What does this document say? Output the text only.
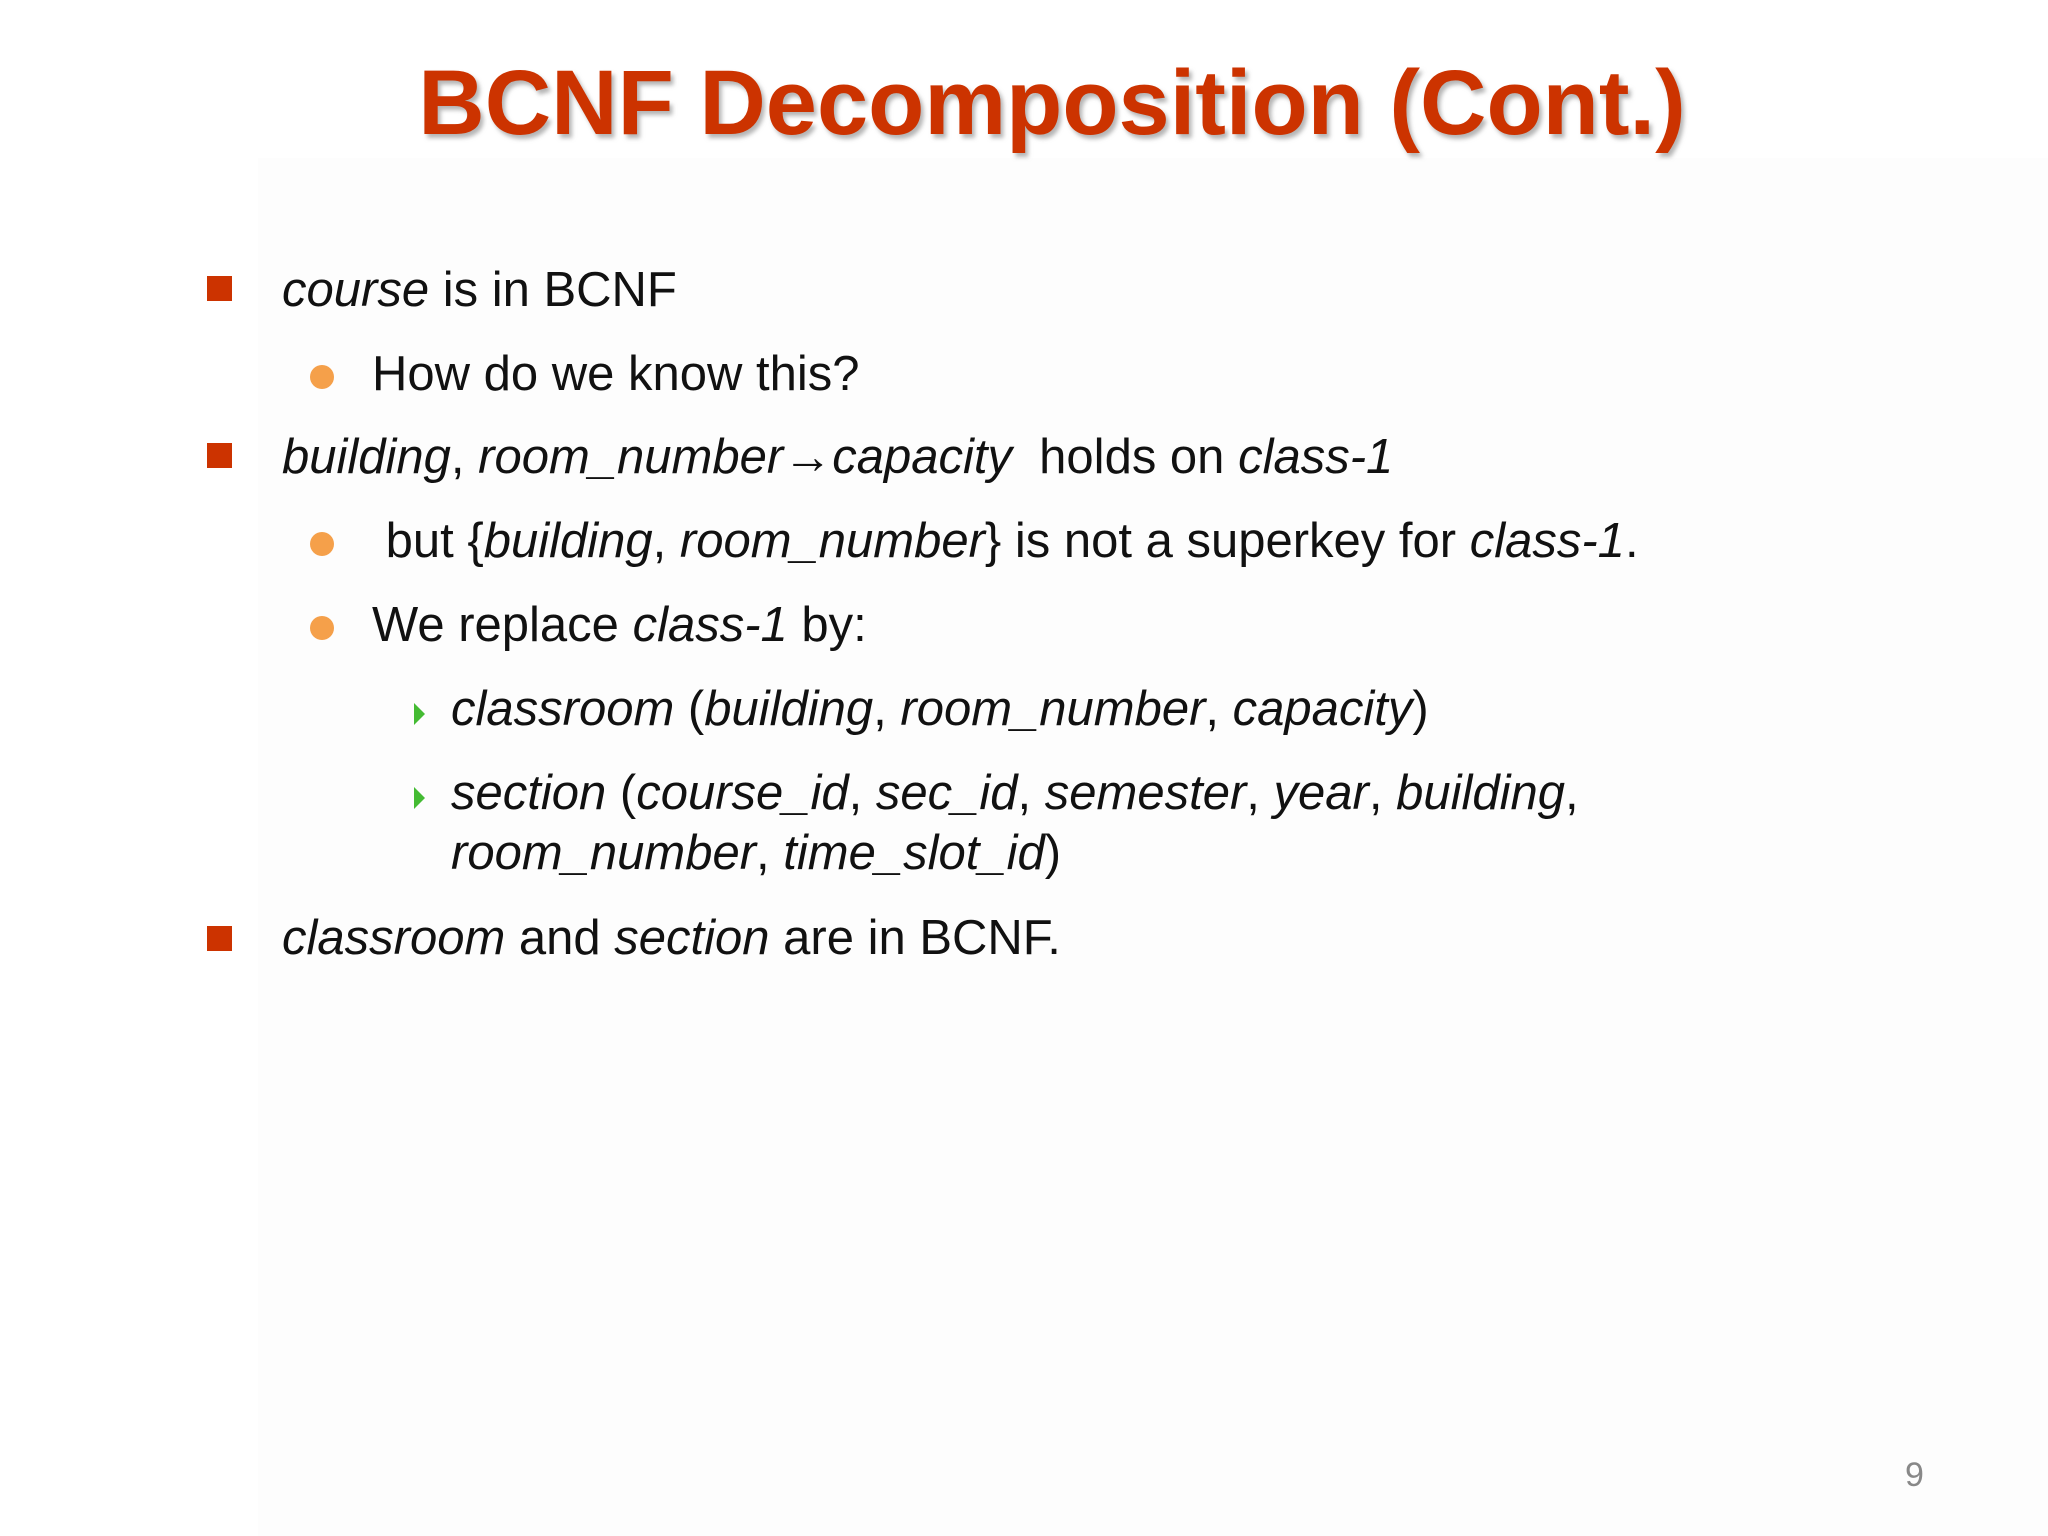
BCNF Decomposition (Cont.)
course is in BCNF
How do we know this?
building, room_number→capacity  holds on class-1
but {building, room_number} is not a superkey for class-1.
We replace class-1 by:
classroom (building, room_number, capacity)
section (course_id, sec_id, semester, year, building,
room_number, time_slot_id)
classroom and section are in BCNF.
9
